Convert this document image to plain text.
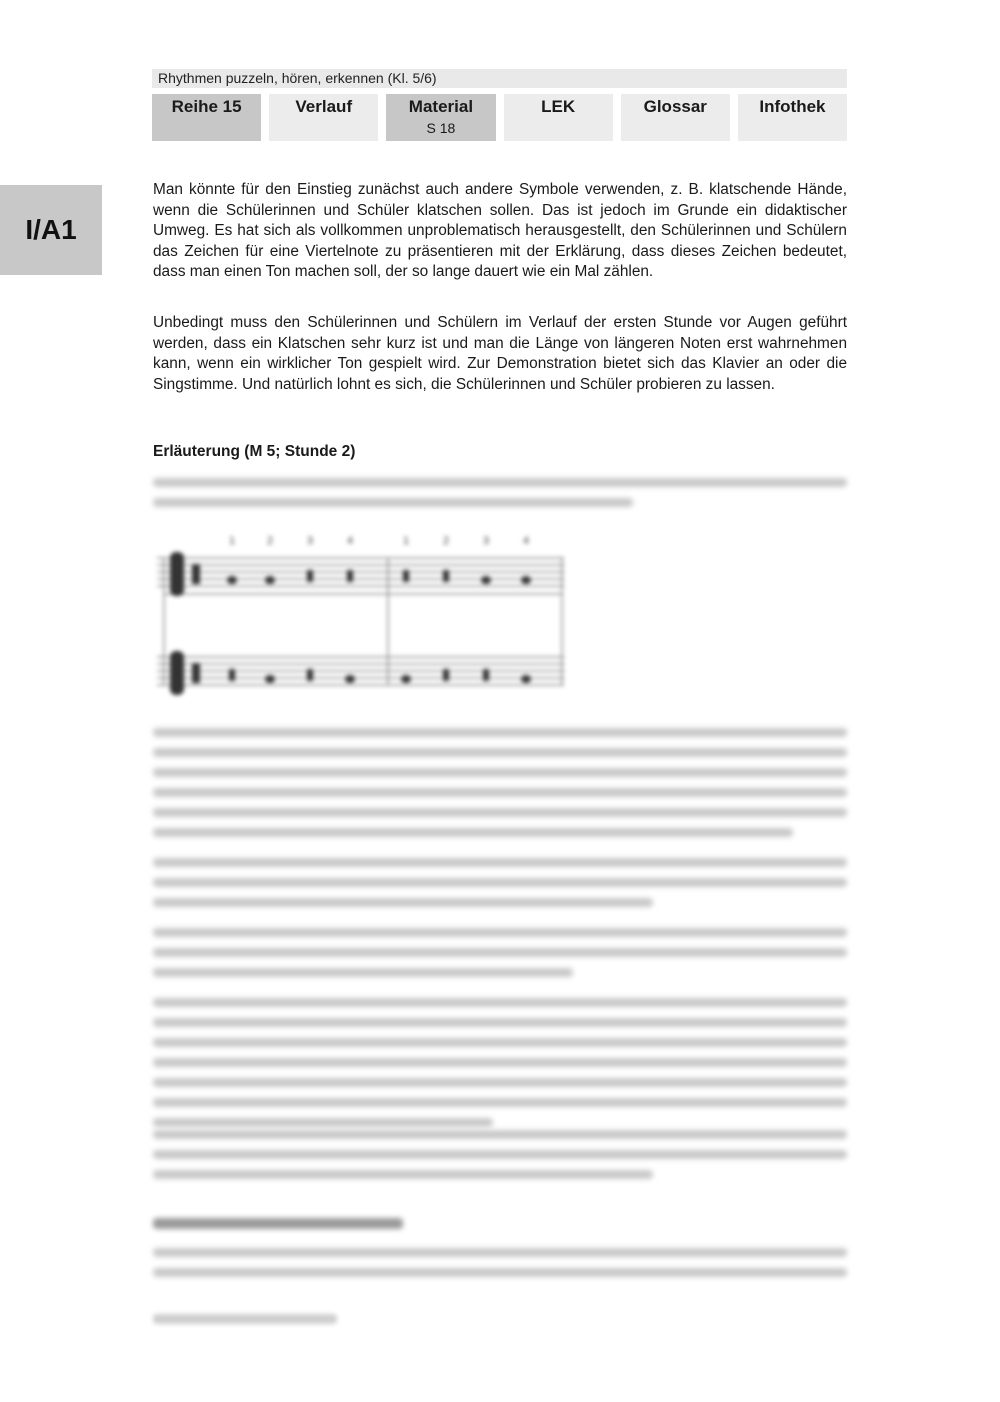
Rhythmen puzzeln, hören, erkennen (Kl. 5/6)
Reihe 15	Verlauf	Material
S 18
LEK	Glossar	Infothek
I/A1

Man könnte für den Einstieg zunächst auch andere Symbole verwenden, z. B. klatschende Hände, wenn die Schülerinnen und Schüler klatschen sollen. Das ist jedoch im Grunde ein didaktischer Umweg. Es hat sich als vollkommen unproblematisch herausgestellt, den Schülerinnen und Schülern das Zeichen für eine Viertelnote zu präsentieren mit der Erklärung, dass dieses Zeichen bedeutet, dass man einen Ton machen soll, der so lange dauert wie ein Mal zählen.

Unbedingt muss den Schülerinnen und Schülern im Verlauf der ersten Stunde vor Augen geführt werden, dass ein Klatschen sehr kurz ist und man die Länge von längeren Noten erst wahrnehmen kann, wenn ein wirklicher Ton gespielt wird. Zur Demonstration bietet sich das Klavier an oder die Singstimme. Und natürlich lohnt es sich, die Schülerinnen und Schüler probieren zu lassen.

Erläuterung (M 5; Stunde 2)

1	2	3	4	1	2	3	4
